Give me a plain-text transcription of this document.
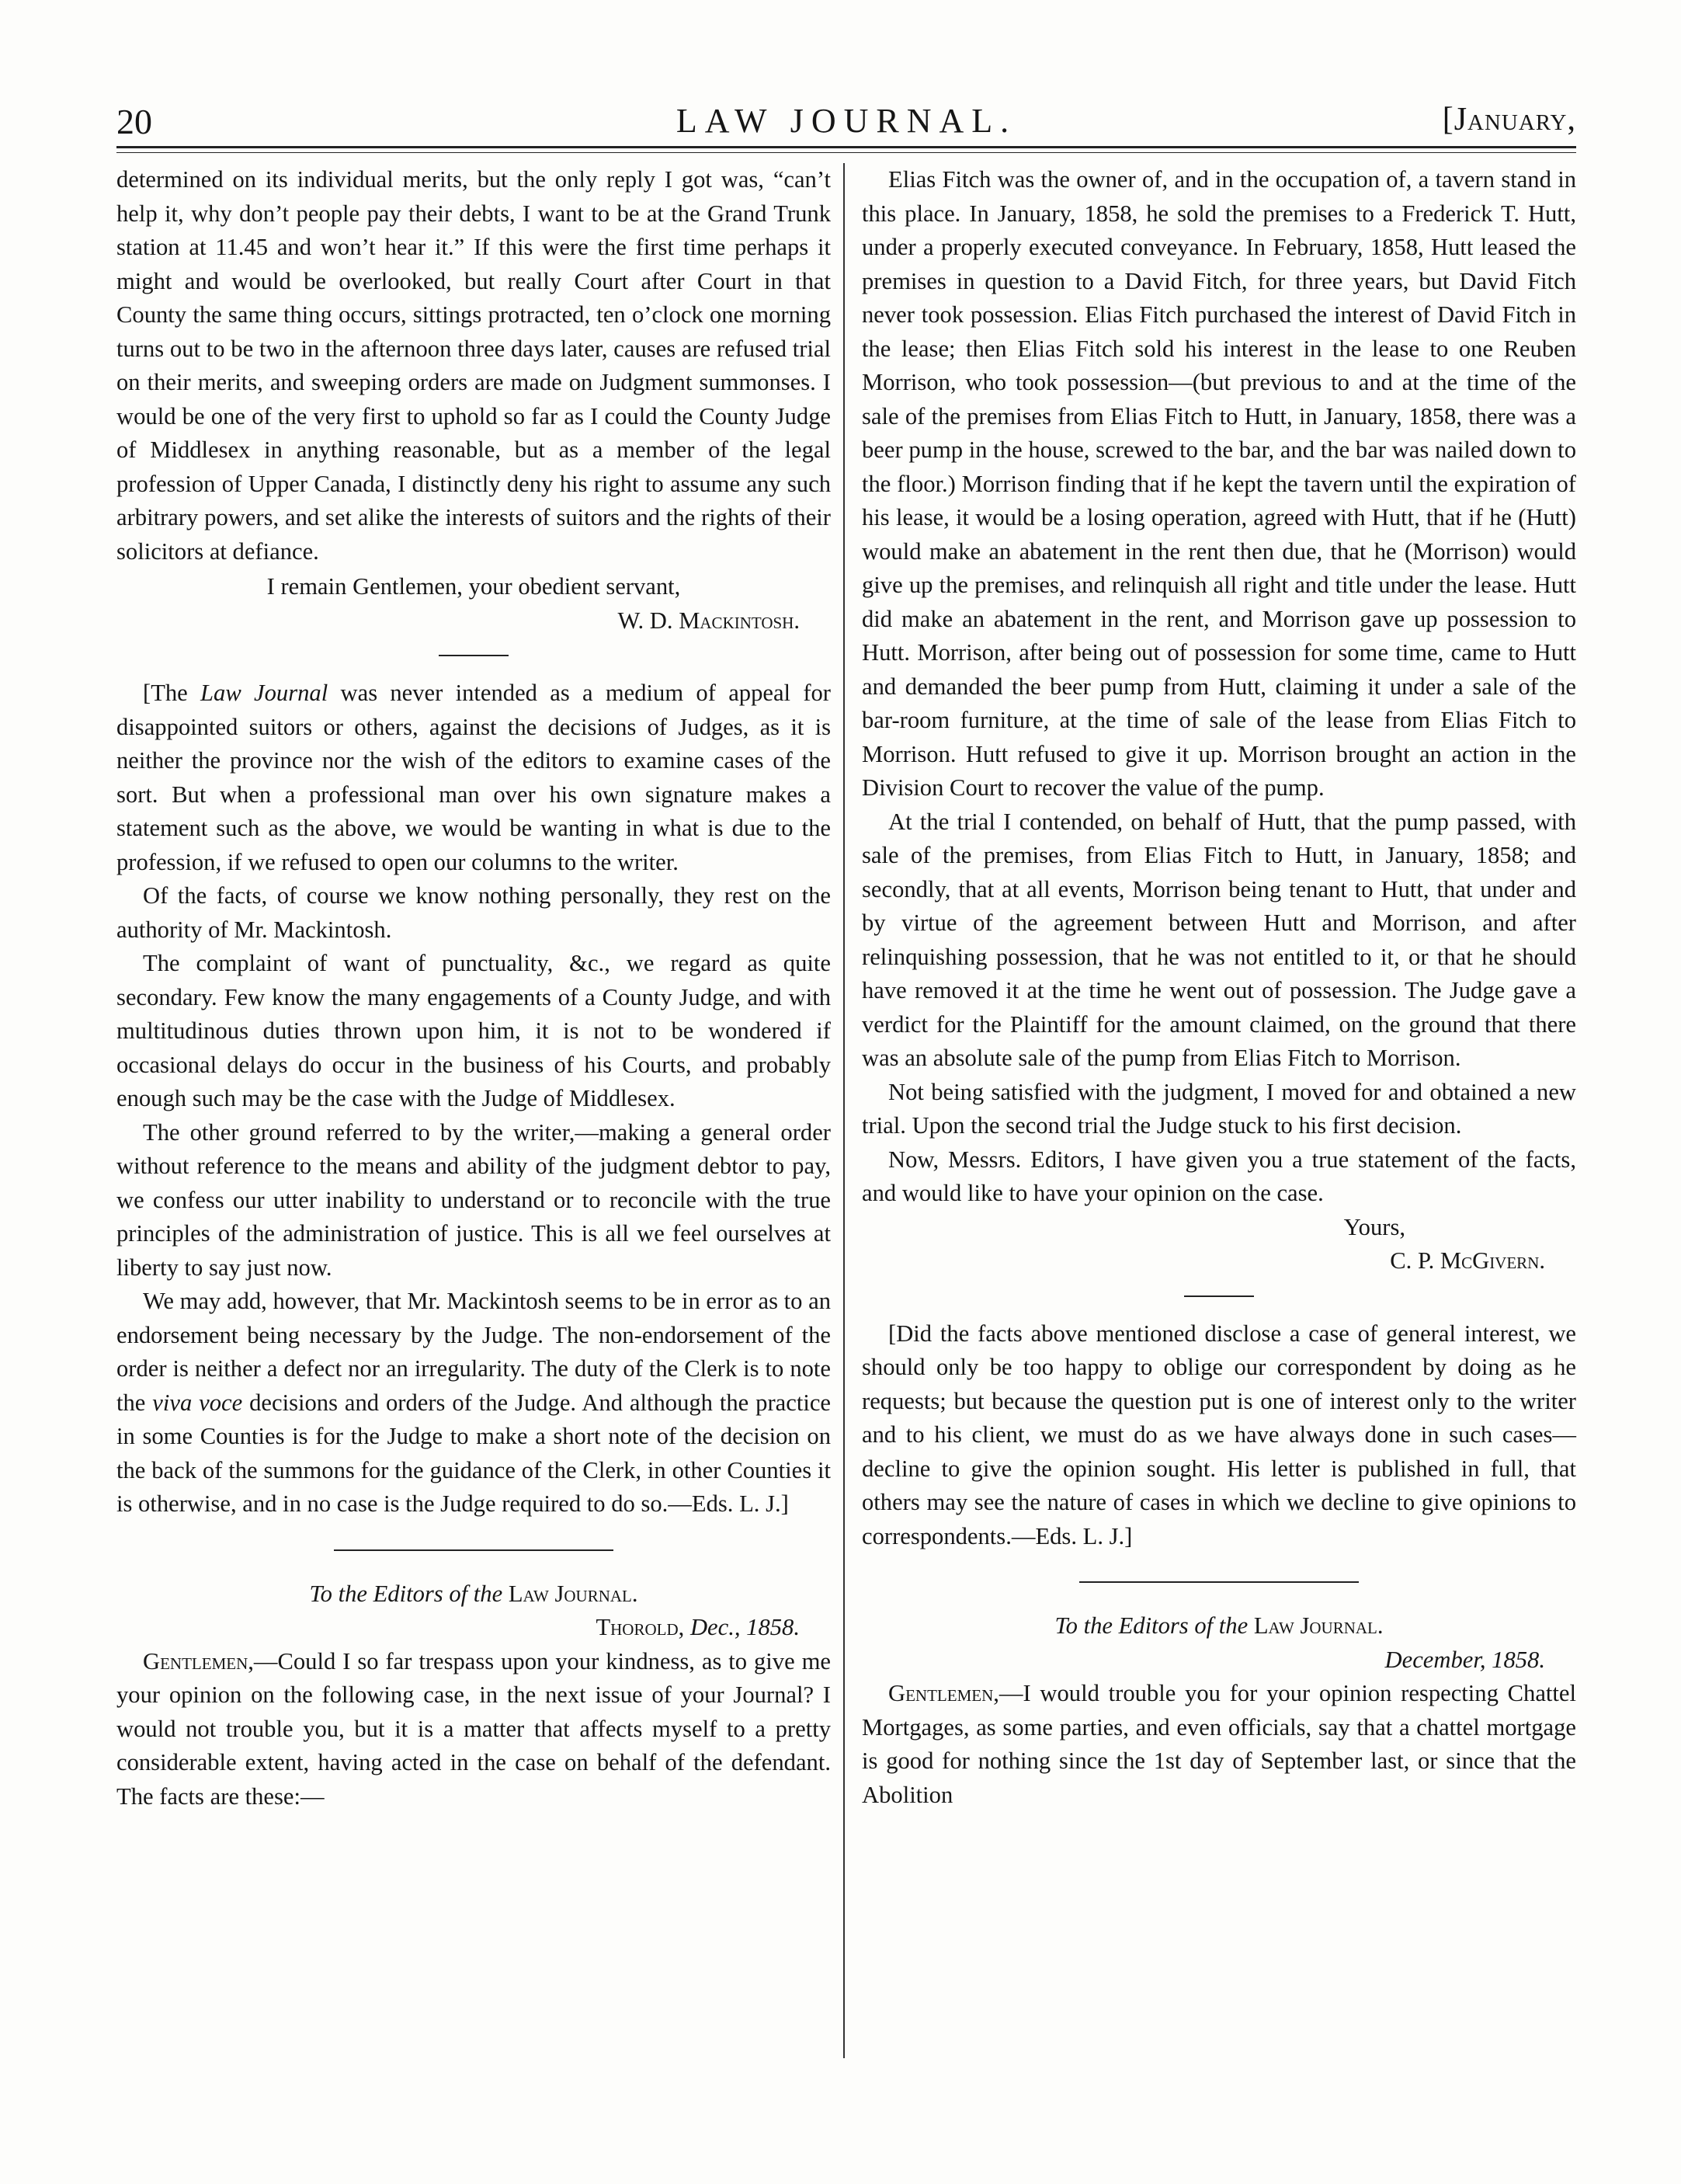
20	LAW JOURNAL.	[January,

determined on its individual merits, but the only reply I got was, “can’t help it, why don’t people pay their debts, I want to be at the Grand Trunk station at 11.45 and won’t hear it.” If this were the first time perhaps it might and would be overlooked, but really Court after Court in that County the same thing occurs, sittings protracted, ten o’clock one morning turns out to be two in the afternoon three days later, causes are refused trial on their merits, and sweeping orders are made on Judgment summonses. I would be one of the very first to uphold so far as I could the County Judge of Middlesex in anything reasonable, but as a member of the legal profession of Upper Canada, I distinctly deny his right to assume any such arbitrary powers, and set alike the interests of suitors and the rights of their solicitors at defiance.

I remain Gentlemen, your obedient servant,

W. D. Mackintosh.

[The Law Journal was never intended as a medium of appeal for disappointed suitors or others, against the decisions of Judges, as it is neither the province nor the wish of the editors to examine cases of the sort. But when a professional man over his own signature makes a statement such as the above, we would be wanting in what is due to the profession, if we refused to open our columns to the writer.

Of the facts, of course we know nothing personally, they rest on the authority of Mr. Mackintosh.

The complaint of want of punctuality, &c., we regard as quite secondary. Few know the many engagements of a County Judge, and with multitudinous duties thrown upon him, it is not to be wondered if occasional delays do occur in the business of his Courts, and probably enough such may be the case with the Judge of Middlesex.

The other ground referred to by the writer,—making a general order without reference to the means and ability of the judgment debtor to pay, we confess our utter inability to understand or to reconcile with the true principles of the administration of justice. This is all we feel ourselves at liberty to say just now.

We may add, however, that Mr. Mackintosh seems to be in error as to an endorsement being necessary by the Judge. The non-endorsement of the order is neither a defect nor an irregularity. The duty of the Clerk is to note the viva voce decisions and orders of the Judge. And although the practice in some Counties is for the Judge to make a short note of the decision on the back of the summons for the guidance of the Clerk, in other Counties it is otherwise, and in no case is the Judge required to do so.—Eds. L. J.]

To the Editors of the Law Journal.

Thorold, Dec., 1858.

Gentlemen,—Could I so far trespass upon your kindness, as to give me your opinion on the following case, in the next issue of your Journal? I would not trouble you, but it is a matter that affects myself to a pretty considerable extent, having acted in the case on behalf of the defendant. The facts are these:—

Elias Fitch was the owner of, and in the occupation of, a tavern stand in this place. In January, 1858, he sold the premises to a Frederick T. Hutt, under a properly executed conveyance. In February, 1858, Hutt leased the premises in question to a David Fitch, for three years, but David Fitch never took possession. Elias Fitch purchased the interest of David Fitch in the lease; then Elias Fitch sold his interest in the lease to one Reuben Morrison, who took possession—(but previous to and at the time of the sale of the premises from Elias Fitch to Hutt, in January, 1858, there was a beer pump in the house, screwed to the bar, and the bar was nailed down to the floor.) Morrison finding that if he kept the tavern until the expiration of his lease, it would be a losing operation, agreed with Hutt, that if he (Hutt) would make an abatement in the rent then due, that he (Morrison) would give up the premises, and relinquish all right and title under the lease. Hutt did make an abatement in the rent, and Morrison gave up possession to Hutt. Morrison, after being out of possession for some time, came to Hutt and demanded the beer pump from Hutt, claiming it under a sale of the bar-room furniture, at the time of sale of the lease from Elias Fitch to Morrison. Hutt refused to give it up. Morrison brought an action in the Division Court to recover the value of the pump.

At the trial I contended, on behalf of Hutt, that the pump passed, with sale of the premises, from Elias Fitch to Hutt, in January, 1858; and secondly, that at all events, Morrison being tenant to Hutt, that under and by virtue of the agreement between Hutt and Morrison, and after relinquishing possession, that he was not entitled to it, or that he should have removed it at the time he went out of possession. The Judge gave a verdict for the Plaintiff for the amount claimed, on the ground that there was an absolute sale of the pump from Elias Fitch to Morrison.

Not being satisfied with the judgment, I moved for and obtained a new trial. Upon the second trial the Judge stuck to his first decision.

Now, Messrs. Editors, I have given you a true statement of the facts, and would like to have your opinion on the case.

Yours,

C. P. McGivern.

[Did the facts above mentioned disclose a case of general interest, we should only be too happy to oblige our correspondent by doing as he requests; but because the question put is one of interest only to the writer and to his client, we must do as we have always done in such cases—decline to give the opinion sought. His letter is published in full, that others may see the nature of cases in which we decline to give opinions to correspondents.—Eds. L. J.]

To the Editors of the Law Journal.

December, 1858.

Gentlemen,—I would trouble you for your opinion respecting Chattel Mortgages, as some parties, and even officials, say that a chattel mortgage is good for nothing since the 1st day of September last, or since that the Abolition
